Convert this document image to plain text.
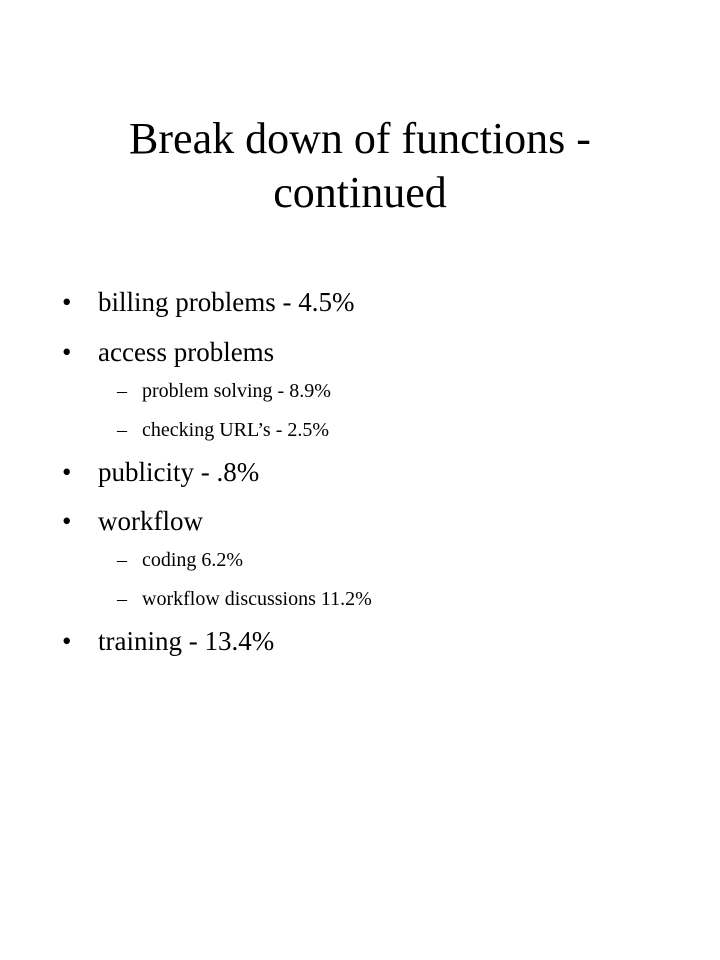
Break down of functions -
continued
• billing problems - 4.5%
• access problems
– problem solving - 8.9%
– checking URL’s - 2.5%
• publicity - .8%
• workflow
– coding 6.2%
– workflow discussions 11.2%
• training - 13.4%
